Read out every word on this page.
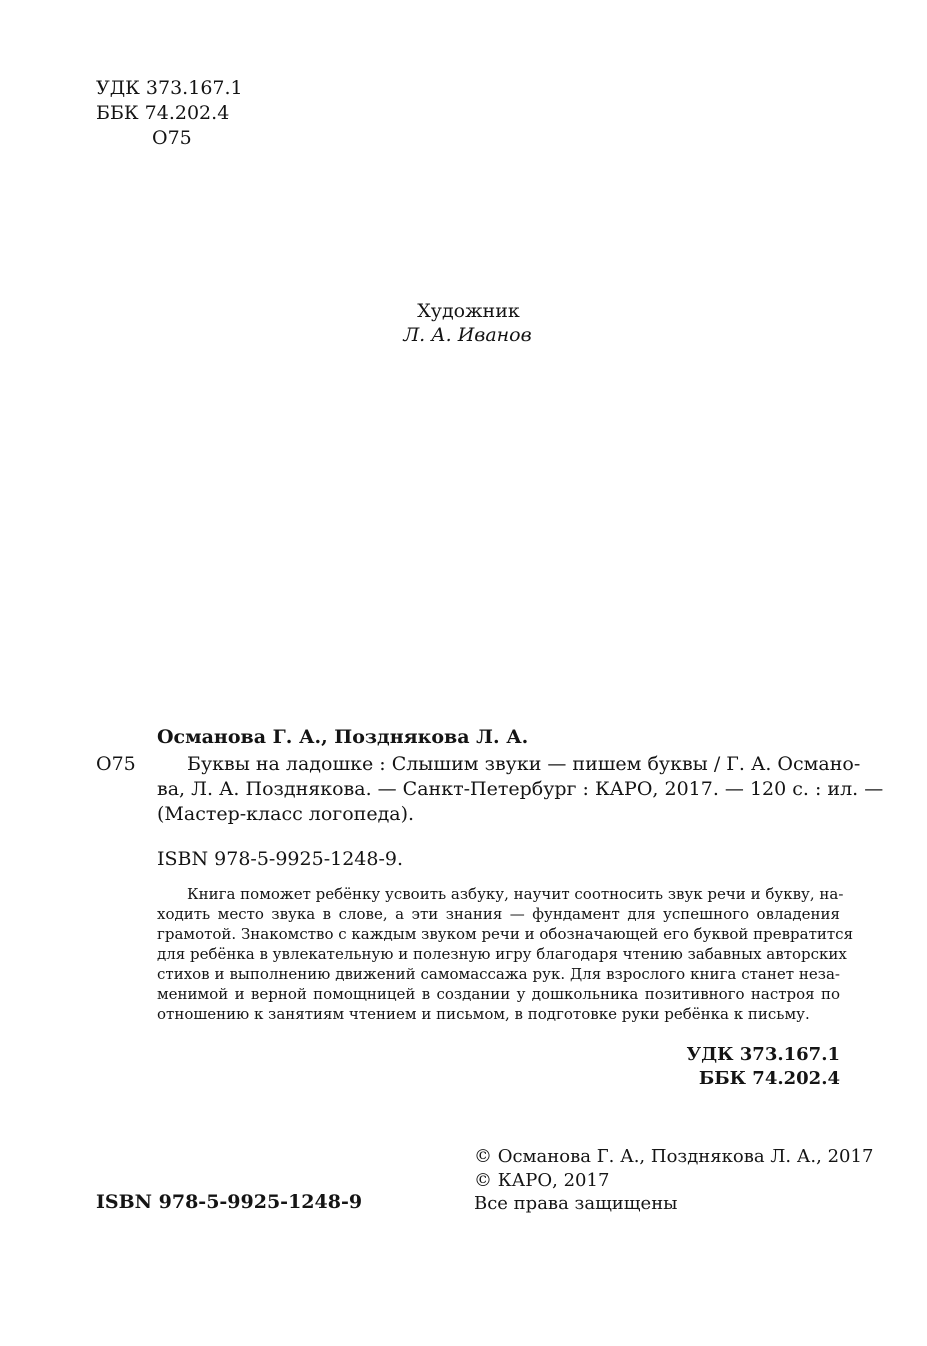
УДК 373.167.1
ББК 74.202.4
О75
Художник
Л. А. Иванов
Османова Г. А., Позднякова Л. А.
О75	Буквы на ладошке : Слышим звуки — пишем буквы / Г. А. Османо-
ва, Л. А. Позднякова. — Санкт-Петербург : КАРО, 2017. — 120 с. : ил. —
(Мастер-класс логопеда).
ISBN 978-5-9925-1248-9.
Книга поможет ребёнку усвоить азбуку, научит соотносить звук речи и букву, на-
ходить место звука в слове, а эти знания — фундамент для успешного овладения
грамотой. Знакомство с каждым звуком речи и обозначающей его буквой превратится
для ребёнка в увлекательную и полезную игру благодаря чтению забавных авторских
стихов и выполнению движений самомассажа рук. Для взрослого книга станет неза-
менимой и верной помощницей в создании у дошкольника позитивного настроя по
отношению к занятиям чтением и письмом, в подготовке руки ребёнка к письму.
УДК 373.167.1
ББК 74.202.4
© Османова Г. А., Позднякова Л. А., 2017
© КАРО, 2017
Все права защищены
ISBN 978-5-9925-1248-9
